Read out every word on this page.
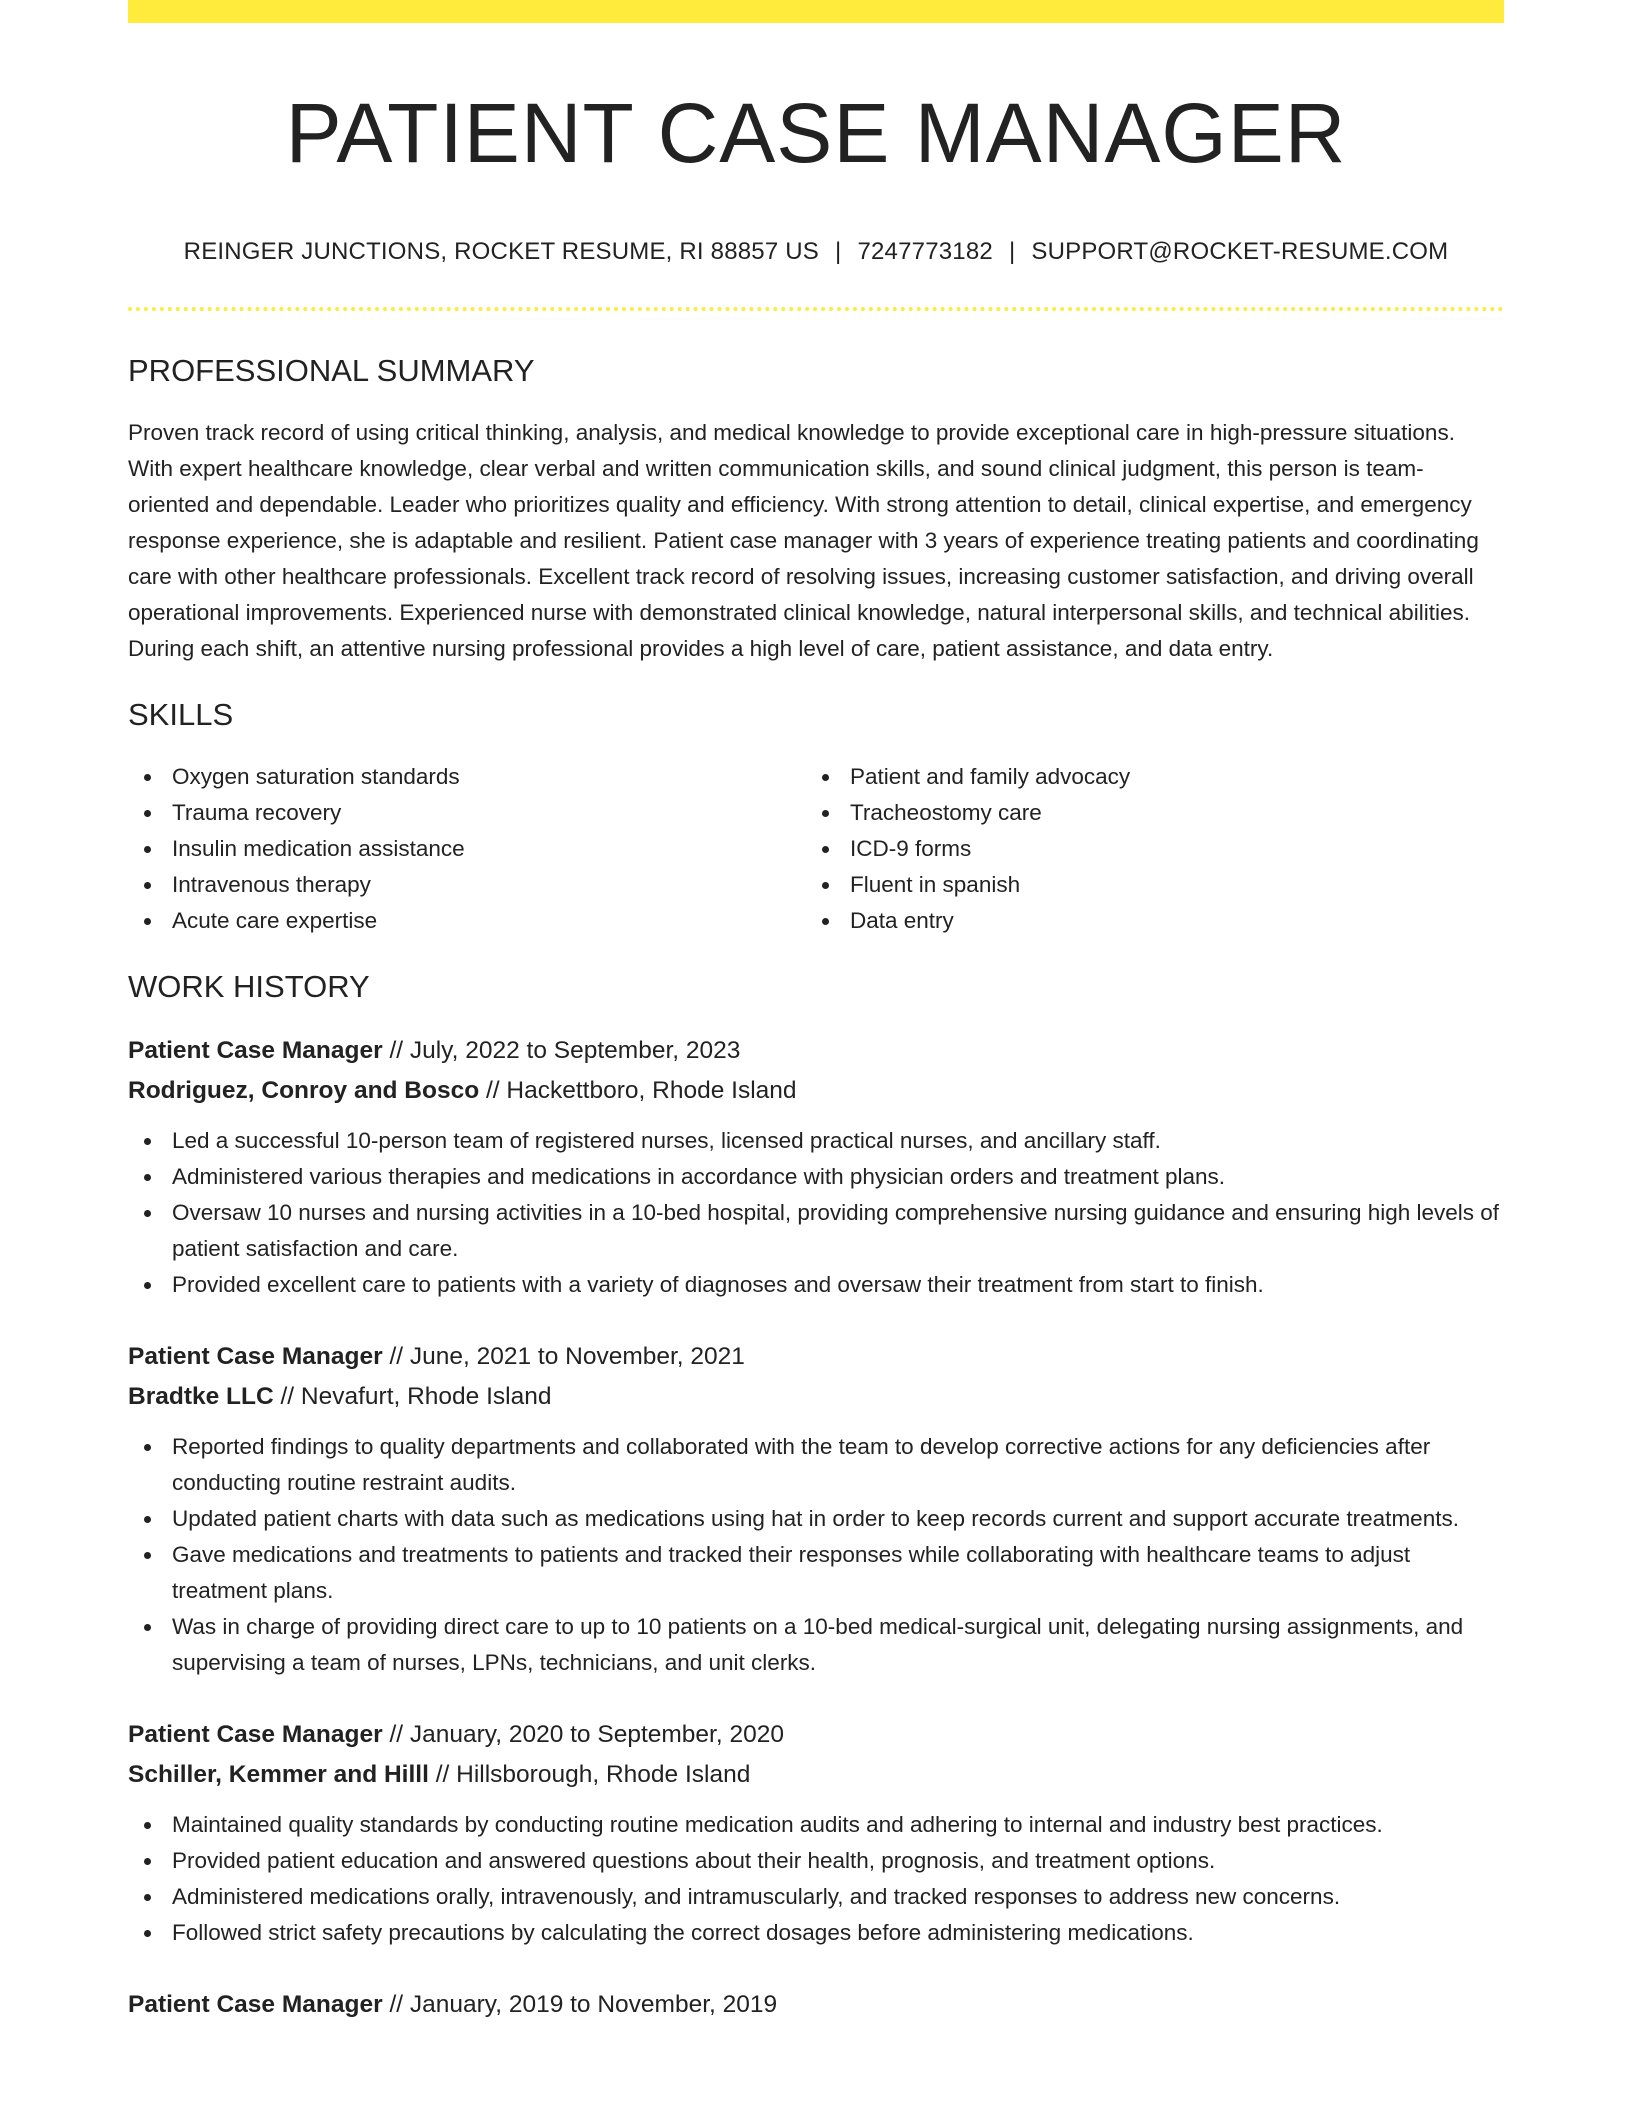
PATIENT CASE MANAGER
REINGER JUNCTIONS, ROCKET RESUME, RI 88857 US | 7247773182 | SUPPORT@ROCKET-RESUME.COM
PROFESSIONAL SUMMARY

Proven track record of using critical thinking, analysis, and medical knowledge to provide exceptional care in high-pressure situations. With expert healthcare knowledge, clear verbal and written communication skills, and sound clinical judgment, this person is team-oriented and dependable. Leader who prioritizes quality and efficiency. With strong attention to detail, clinical expertise, and emergency response experience, she is adaptable and resilient. Patient case manager with 3 years of experience treating patients and coordinating care with other healthcare professionals. Excellent track record of resolving issues, increasing customer satisfaction, and driving overall operational improvements. Experienced nurse with demonstrated clinical knowledge, natural interpersonal skills, and technical abilities. During each shift, an attentive nursing professional provides a high level of care, patient assistance, and data entry.

SKILLS
Oxygen saturation standards
Trauma recovery
Insulin medication assistance
Intravenous therapy
Acute care expertise
Patient and family advocacy
Tracheostomy care
ICD-9 forms
Fluent in spanish
Data entry
WORK HISTORY
Patient Case Manager // July, 2022 to September, 2023
Rodriguez, Conroy and Bosco // Hackettboro, Rhode Island
Led a successful 10-person team of registered nurses, licensed practical nurses, and ancillary staff.
Administered various therapies and medications in accordance with physician orders and treatment plans.
Oversaw 10 nurses and nursing activities in a 10-bed hospital, providing comprehensive nursing guidance and ensuring high levels of patient satisfaction and care.
Provided excellent care to patients with a variety of diagnoses and oversaw their treatment from start to finish.
Patient Case Manager // June, 2021 to November, 2021
Bradtke LLC // Nevafurt, Rhode Island
Reported findings to quality departments and collaborated with the team to develop corrective actions for any deficiencies after conducting routine restraint audits.
Updated patient charts with data such as medications using hat in order to keep records current and support accurate treatments.
Gave medications and treatments to patients and tracked their responses while collaborating with healthcare teams to adjust treatment plans.
Was in charge of providing direct care to up to 10 patients on a 10-bed medical-surgical unit, delegating nursing assignments, and supervising a team of nurses, LPNs, technicians, and unit clerks.
Patient Case Manager // January, 2020 to September, 2020
Schiller, Kemmer and Hilll // Hillsborough, Rhode Island
Maintained quality standards by conducting routine medication audits and adhering to internal and industry best practices.
Provided patient education and answered questions about their health, prognosis, and treatment options.
Administered medications orally, intravenously, and intramuscularly, and tracked responses to address new concerns.
Followed strict safety precautions by calculating the correct dosages before administering medications.
Patient Case Manager // January, 2019 to November, 2019
